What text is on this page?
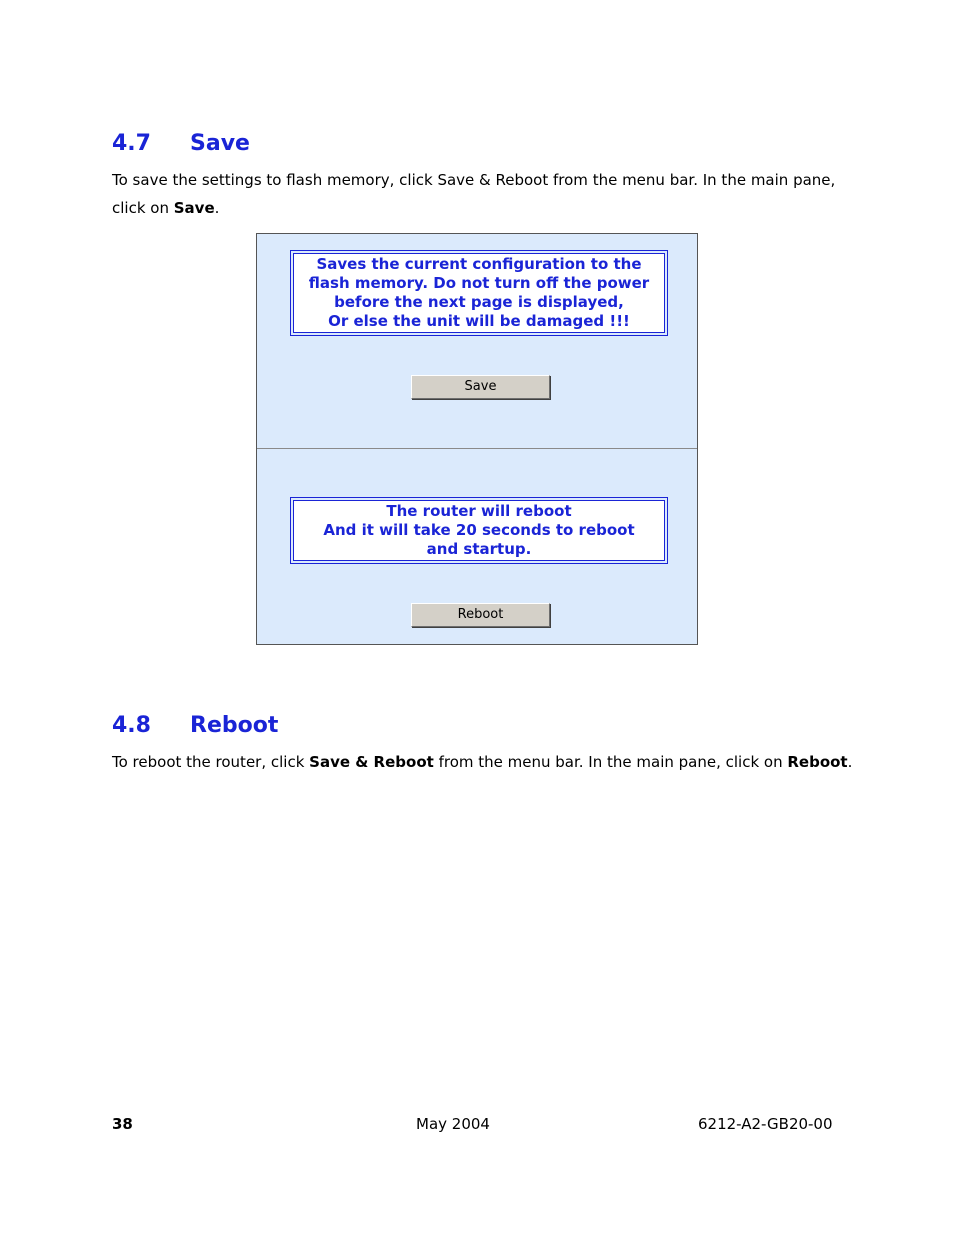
4.7 Save

To save the settings to flash memory, click Save & Reboot from the menu bar. In the main pane, click on Save.

Saves the current configuration to the
flash memory. Do not turn off the power
before the next page is displayed,
Or else the unit will be damaged !!!
Save
The router will reboot
And it will take 20 seconds to reboot
and startup.
Reboot
4.8 Reboot

To reboot the router, click Save & Reboot from the menu bar. In the main pane, click on Reboot.

38	May 2004	6212-A2-GB20-00
